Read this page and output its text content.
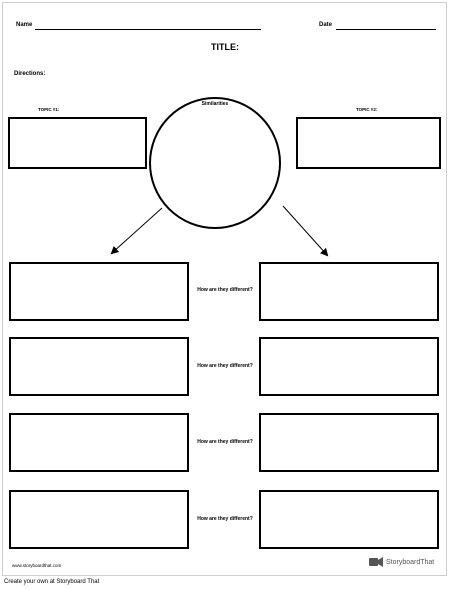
Name	Date
TITLE:
Directions:
TOPIC #1:	TOPIC #2:
Similarities
How are they different?
How are they different?
How are they different?
How are they different?
www.storyboardthat.com	StoryboardThat
Create your own at Storyboard That
